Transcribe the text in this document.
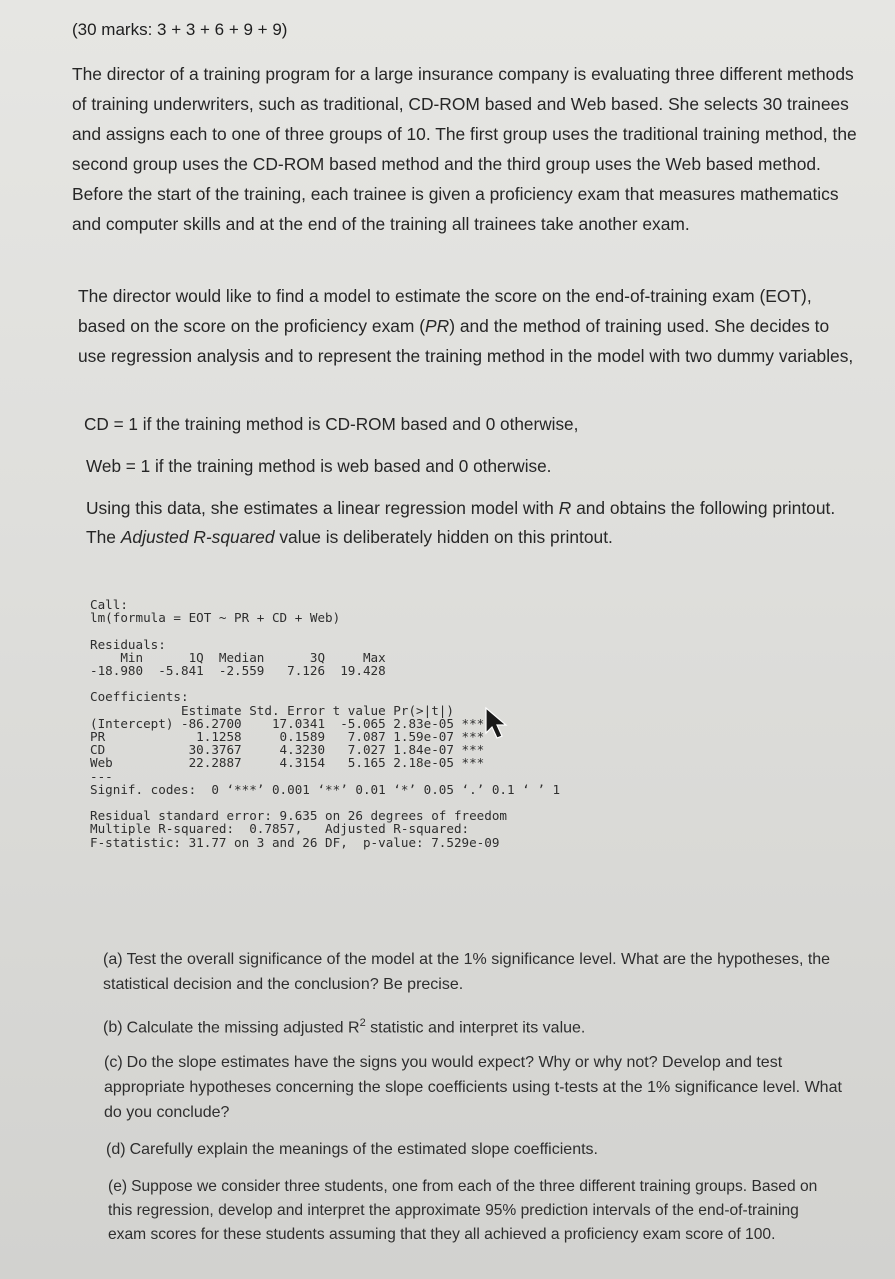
(30 marks: 3 + 3 + 6 + 9 + 9)
The director of a training program for a large insurance company is evaluating three different methods of training underwriters, such as traditional, CD-ROM based and Web based. She selects 30 trainees and assigns each to one of three groups of 10. The first group uses the traditional training method, the second group uses the CD-ROM based method and the third group uses the Web based method. Before the start of the training, each trainee is given a proficiency exam that measures mathematics and computer skills and at the end of the training all trainees take another exam.
The director would like to find a model to estimate the score on the end-of-training exam (EOT), based on the score on the proficiency exam (PR) and the method of training used. She decides to use regression analysis and to represent the training method in the model with two dummy variables,
CD = 1 if the training method is CD-ROM based and 0 otherwise,
Web = 1 if the training method is web based and 0 otherwise.
Using this data, she estimates a linear regression model with R and obtains the following printout. The Adjusted R-squared value is deliberately hidden on this printout.
Call:
lm(formula = EOT ~ PR + CD + Web)

Residuals:
Min      1Q  Median      3Q     Max
-18.980  -5.841  -2.559   7.126  19.428

Coefficients:
Estimate Std. Error t value Pr(>|t|)
(Intercept) -86.2700    17.0341  -5.065 2.83e-05 ***
PR            1.1258     0.1589   7.087 1.59e-07 ***
CD           30.3767     4.3230   7.027 1.84e-07 ***
Web          22.2887     4.3154   5.165 2.18e-05 ***
---
Signif. codes:  0 ‘***’ 0.001 ‘**’ 0.01 ‘*’ 0.05 ‘.’ 0.1 ‘ ’ 1

Residual standard error: 9.635 on 26 degrees of freedom
Multiple R-squared:  0.7857,   Adjusted R-squared:
F-statistic: 31.77 on 3 and 26 DF,  p-value: 7.529e-09
(a) Test the overall significance of the model at the 1% significance level. What are the hypotheses, the statistical decision and the conclusion? Be precise.
(b) Calculate the missing adjusted $R^2$ statistic and interpret its value.
(c) Do the slope estimates have the signs you would expect? Why or why not? Develop and test appropriate hypotheses concerning the slope coefficients using t-tests at the 1% significance level. What do you conclude?
(d) Carefully explain the meanings of the estimated slope coefficients.
(e) Suppose we consider three students, one from each of the three different training groups. Based on this regression, develop and interpret the approximate 95% prediction intervals of the end-of-training exam scores for these students assuming that they all achieved a proficiency exam score of 100.
